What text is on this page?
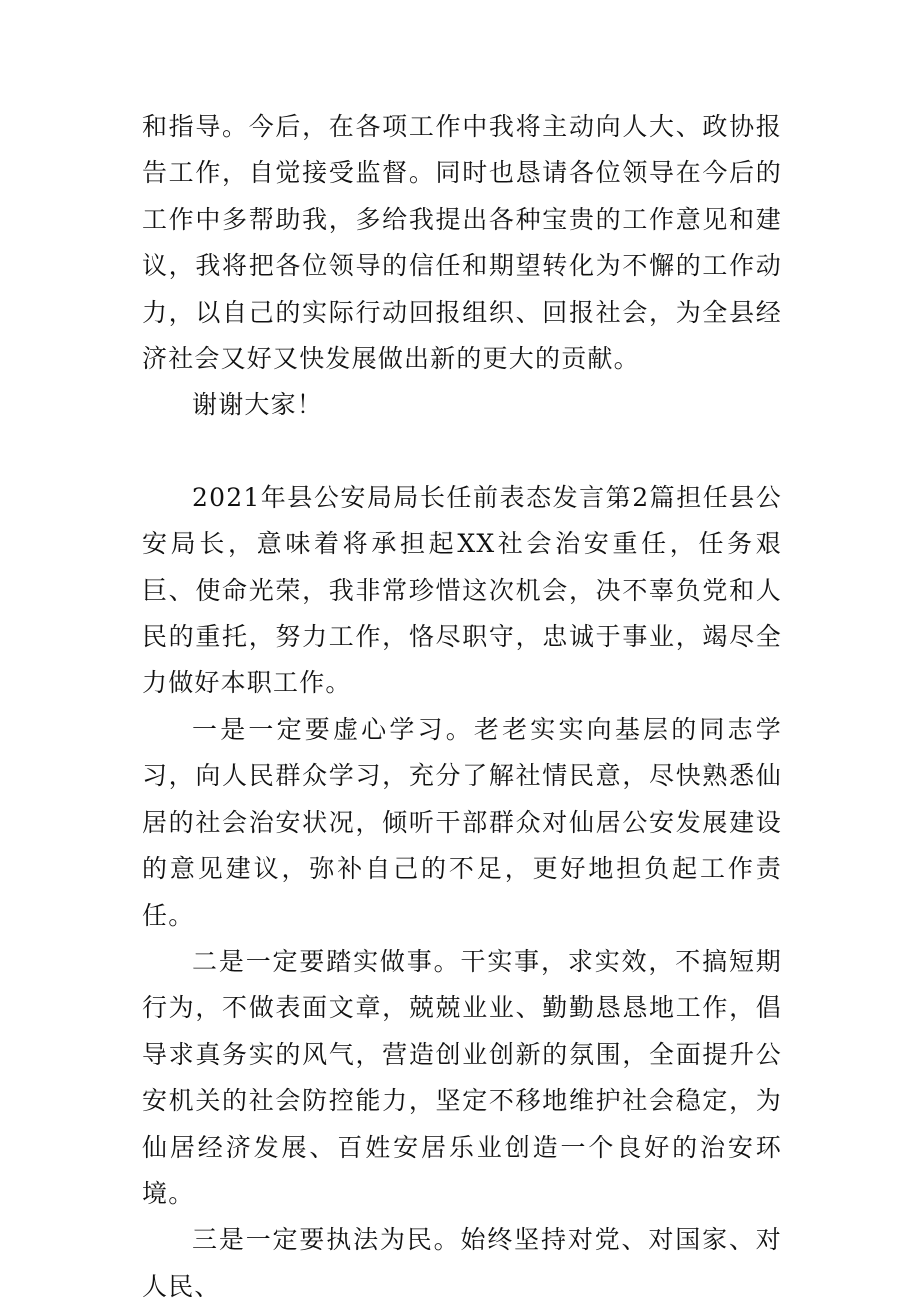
和指导。今后，在各项工作中我将主动向人大、政协报告工作，自觉接受监督。同时也恳请各位领导在今后的工作中多帮助我，多给我提出各种宝贵的工作意见和建议，我将把各位领导的信任和期望转化为不懈的工作动力，以自己的实际行动回报组织、回报社会，为全县经济社会又好又快发展做出新的更大的贡献。

谢谢大家！

2021年县公安局局长任前表态发言第2篇担任县公安局长，意味着将承担起XX社会治安重任，任务艰巨、使命光荣，我非常珍惜这次机会，决不辜负党和人民的重托，努力工作，恪尽职守，忠诚于事业，竭尽全力做好本职工作。

一是一定要虚心学习。老老实实向基层的同志学习，向人民群众学习，充分了解社情民意，尽快熟悉仙居的社会治安状况，倾听干部群众对仙居公安发展建设的意见建议，弥补自己的不足，更好地担负起工作责任。

二是一定要踏实做事。干实事，求实效，不搞短期行为，不做表面文章，兢兢业业、勤勤恳恳地工作，倡导求真务实的风气，营造创业创新的氛围，全面提升公安机关的社会防控能力，坚定不移地维护社会稳定，为仙居经济发展、百姓安居乐业创造一个良好的治安环境。

三是一定要执法为民。始终坚持对党、对国家、对人民、
